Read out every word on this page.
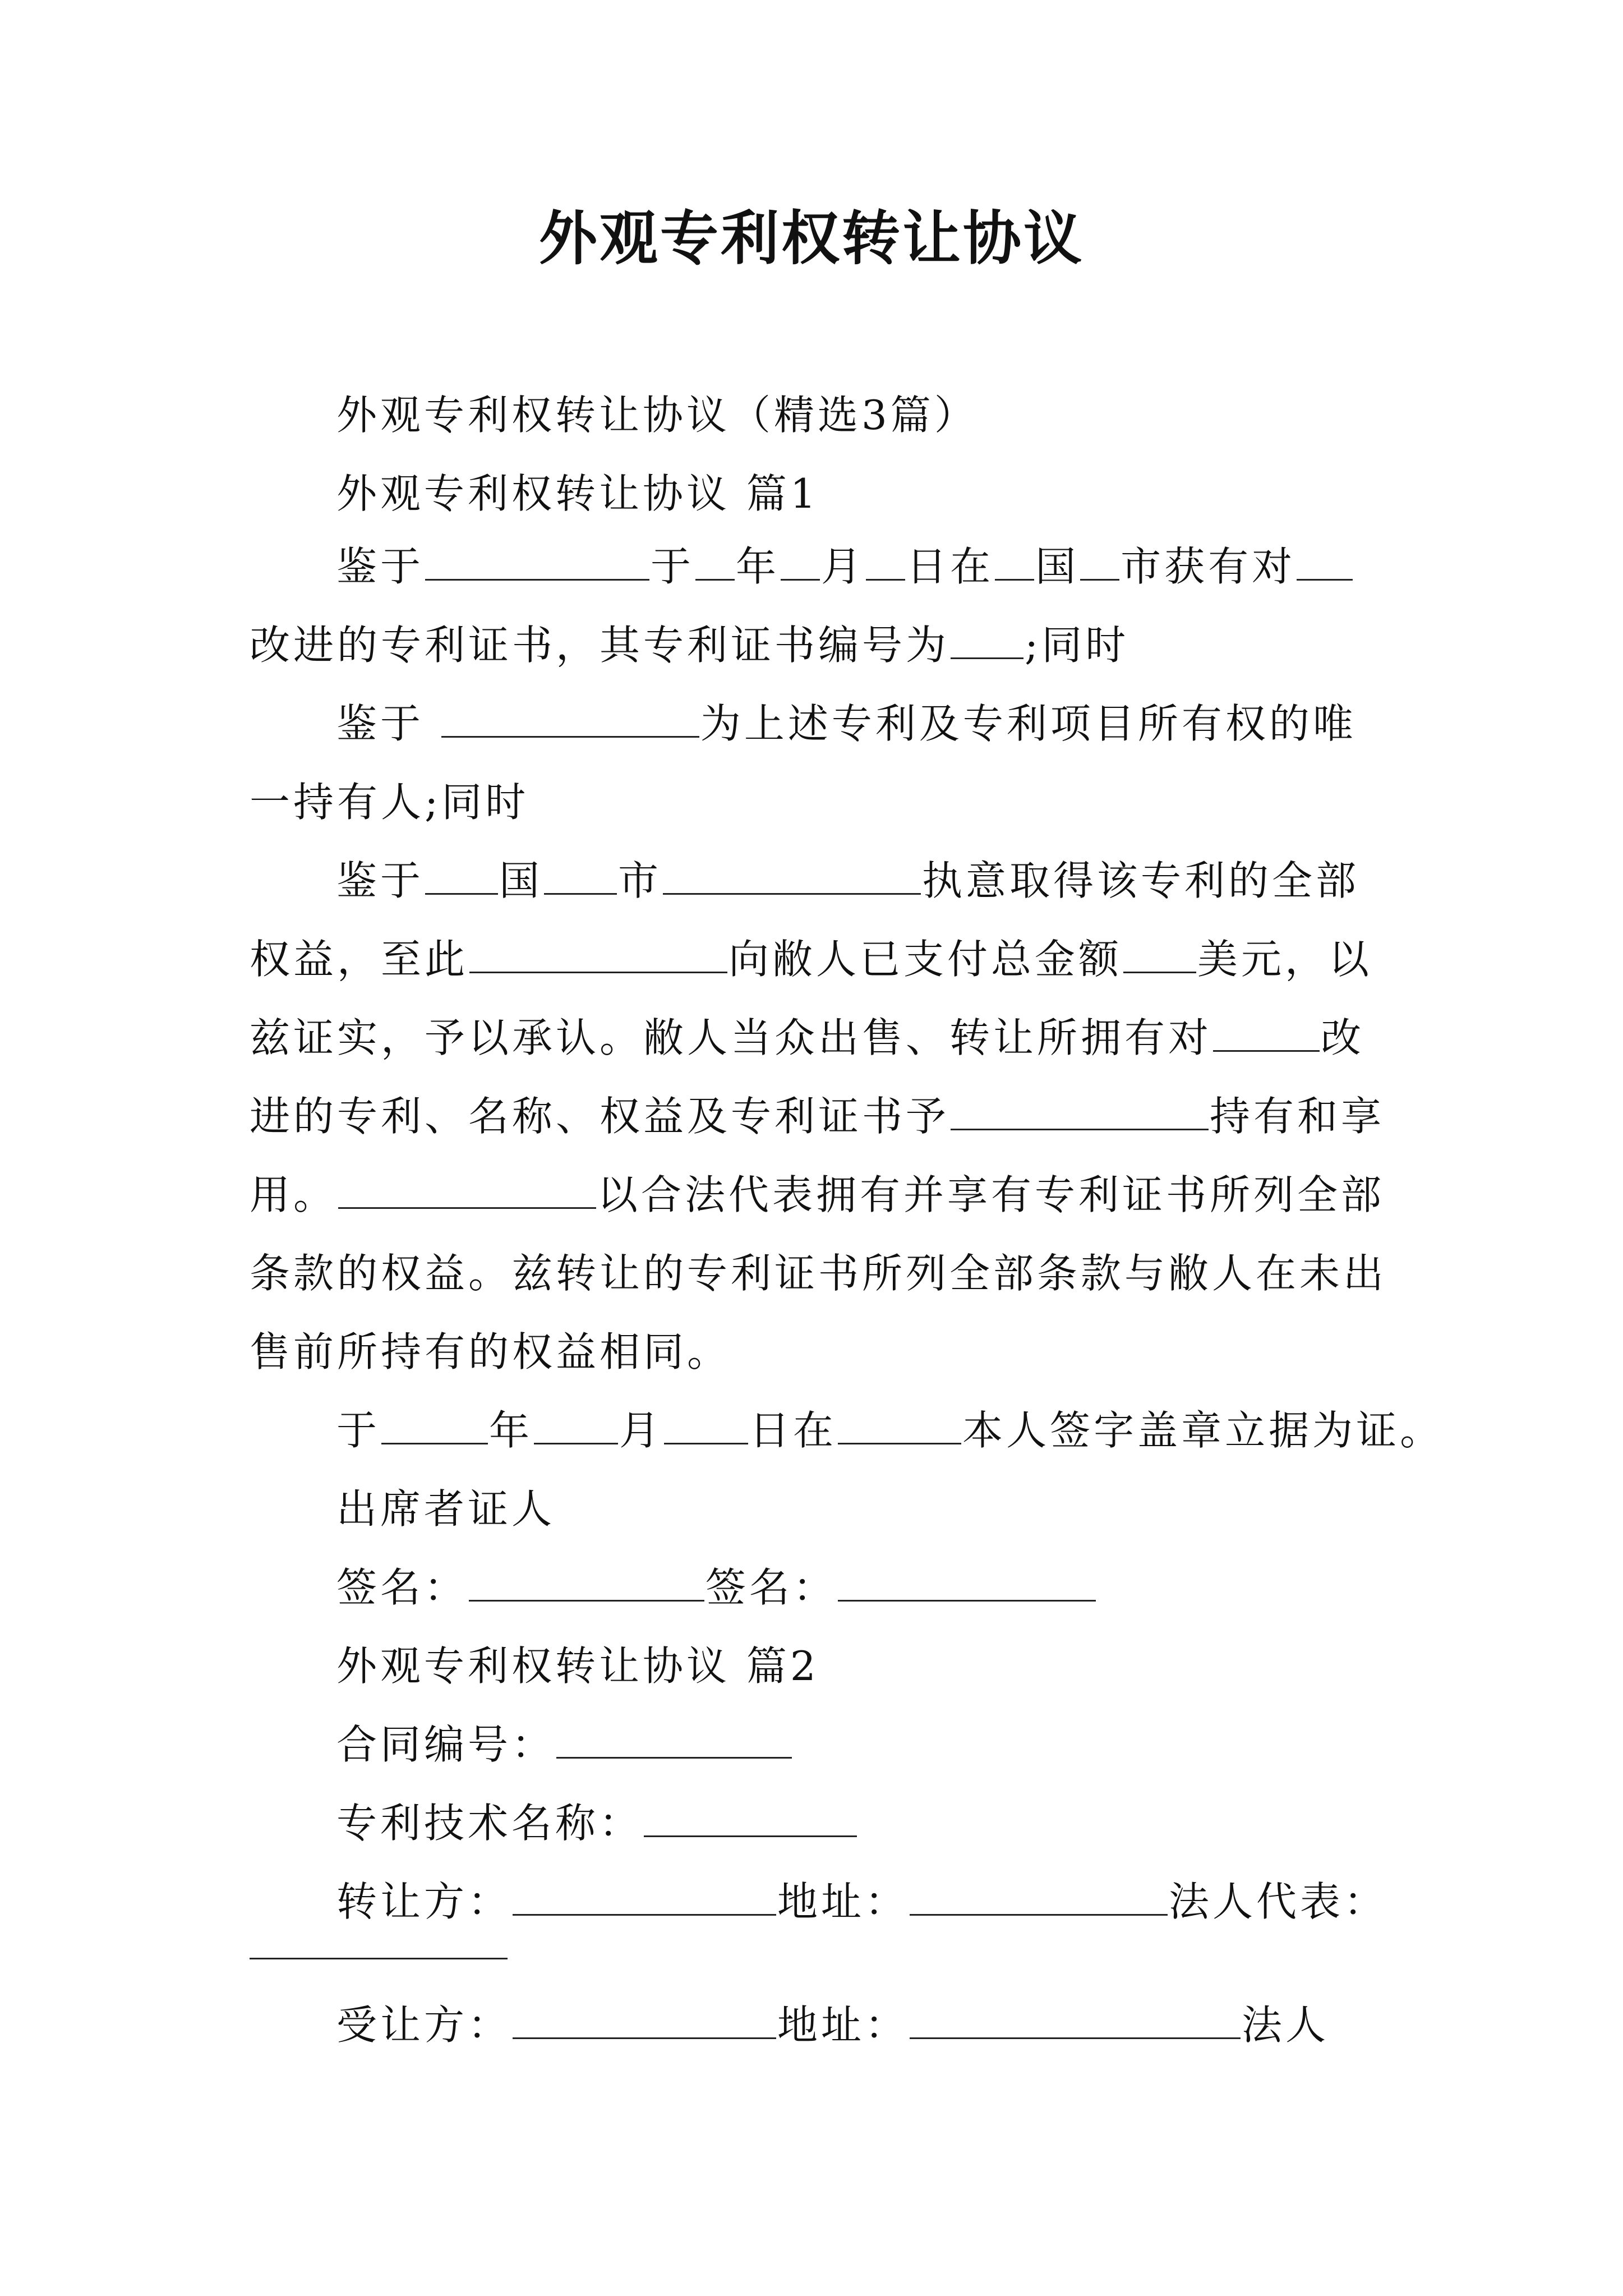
外观专利权转让协议
外观专利权转让协议（精选3篇）
外观专利权转让协议 篇1
鉴于	于 年 月 日在 国 市获有对
改进的专利证书，其专利证书编号为 ;同时
鉴于	为上述专利及专利项目所有权的唯
一持有人;同时
鉴于 国 市	执意取得该专利的全部
权益，至此	向敝人已支付总金额 美元，以
兹证实，予以承认。敝人当众出售、转让所拥有对	改
进的专利、名称、权益及专利证书予	持有和享
用。	以合法代表拥有并享有专利证书所列全部
条款的权益。兹转让的专利证书所列全部条款与敝人在未出
售前所持有的权益相同。
于	年 月 日在	本人签字盖章立据为证。
出席者证人
签名：	签名：
外观专利权转让协议 篇2
合同编号：
专利技术名称：
转让方：	地址：	法人代表：
受让方：	地址：	法人
